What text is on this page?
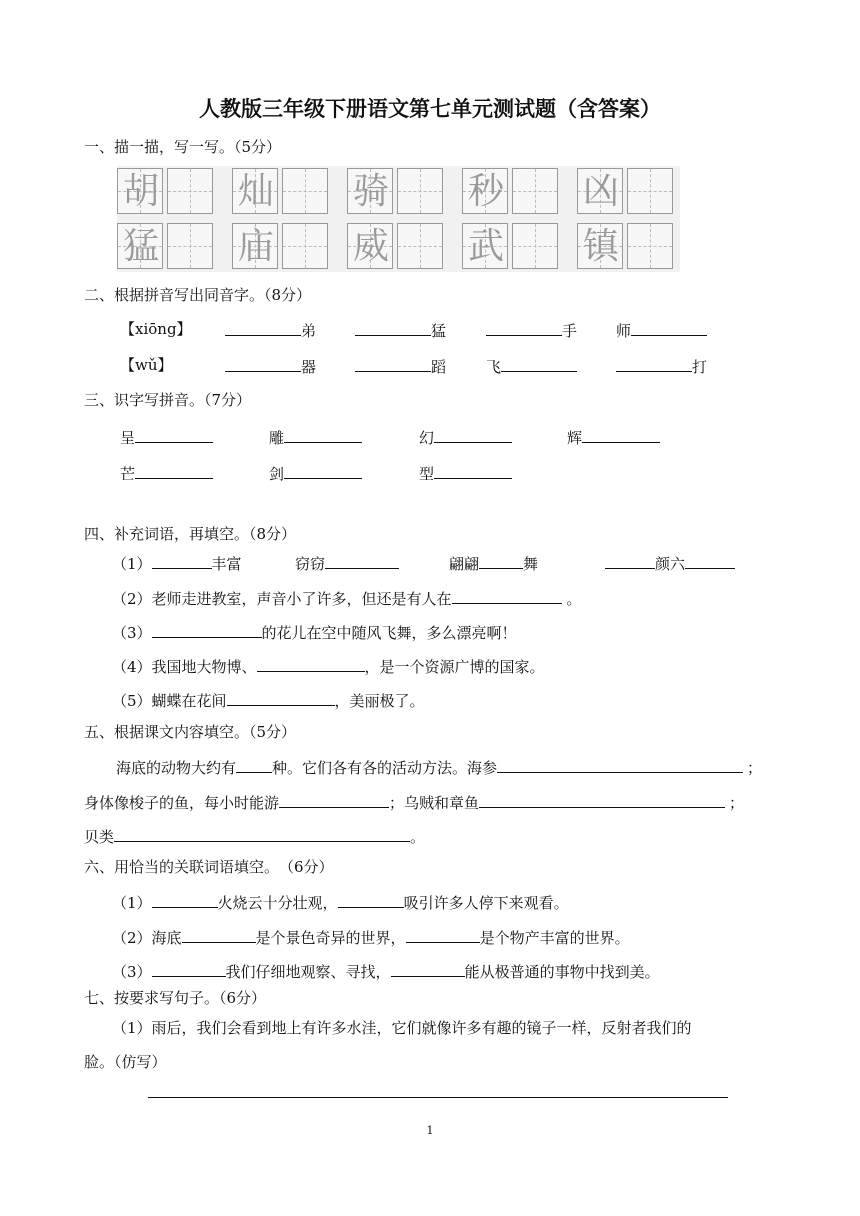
人教版三年级下册语文第七单元测试题（含答案）
一、描一描，写一写。（5分）
胡 灿 骑 秒 凶
猛 庙 威 武 镇
二、根据拼音写出同音字。（8分）
【xiōng】	弟	猛	手	师
【wǔ】	器	蹈	飞	打
三、识字写拼音。（7分）
呈	雕	幻	辉
芒	剑	型
四、补充词语，再填空。（8分）
（1）	丰富	窃窃	翩翩	舞	颜六
（2）老师走进教室，声音小了许多，但还是有人在	。
（3）	的花儿在空中随风飞舞，多么漂亮啊！
（4）我国地大物博、	，是一个资源广博的国家。
（5）蝴蝶在花间	，美丽极了。
五、根据课文内容填空。（5分）
海底的动物大约有 种。它们各有各的活动方法。海参	；
身体像梭子的鱼，每小时能游	；乌贼和章鱼	；
贝类	。
六、用恰当的关联词语填空。　（6分）
（1）	火烧云十分壮观，	吸引许多人停下来观看。
（2）海底	是个景色奇异的世界，	是个物产丰富的世界。
（3）	我们仔细地观察、寻找，	能从极普通的事物中找到美。
七、按要求写句子。（6分）
（1）雨后，我们会看到地上有许多水洼，它们就像许多有趣的镜子一样，反射者我们的
脸。（仿写）
1
